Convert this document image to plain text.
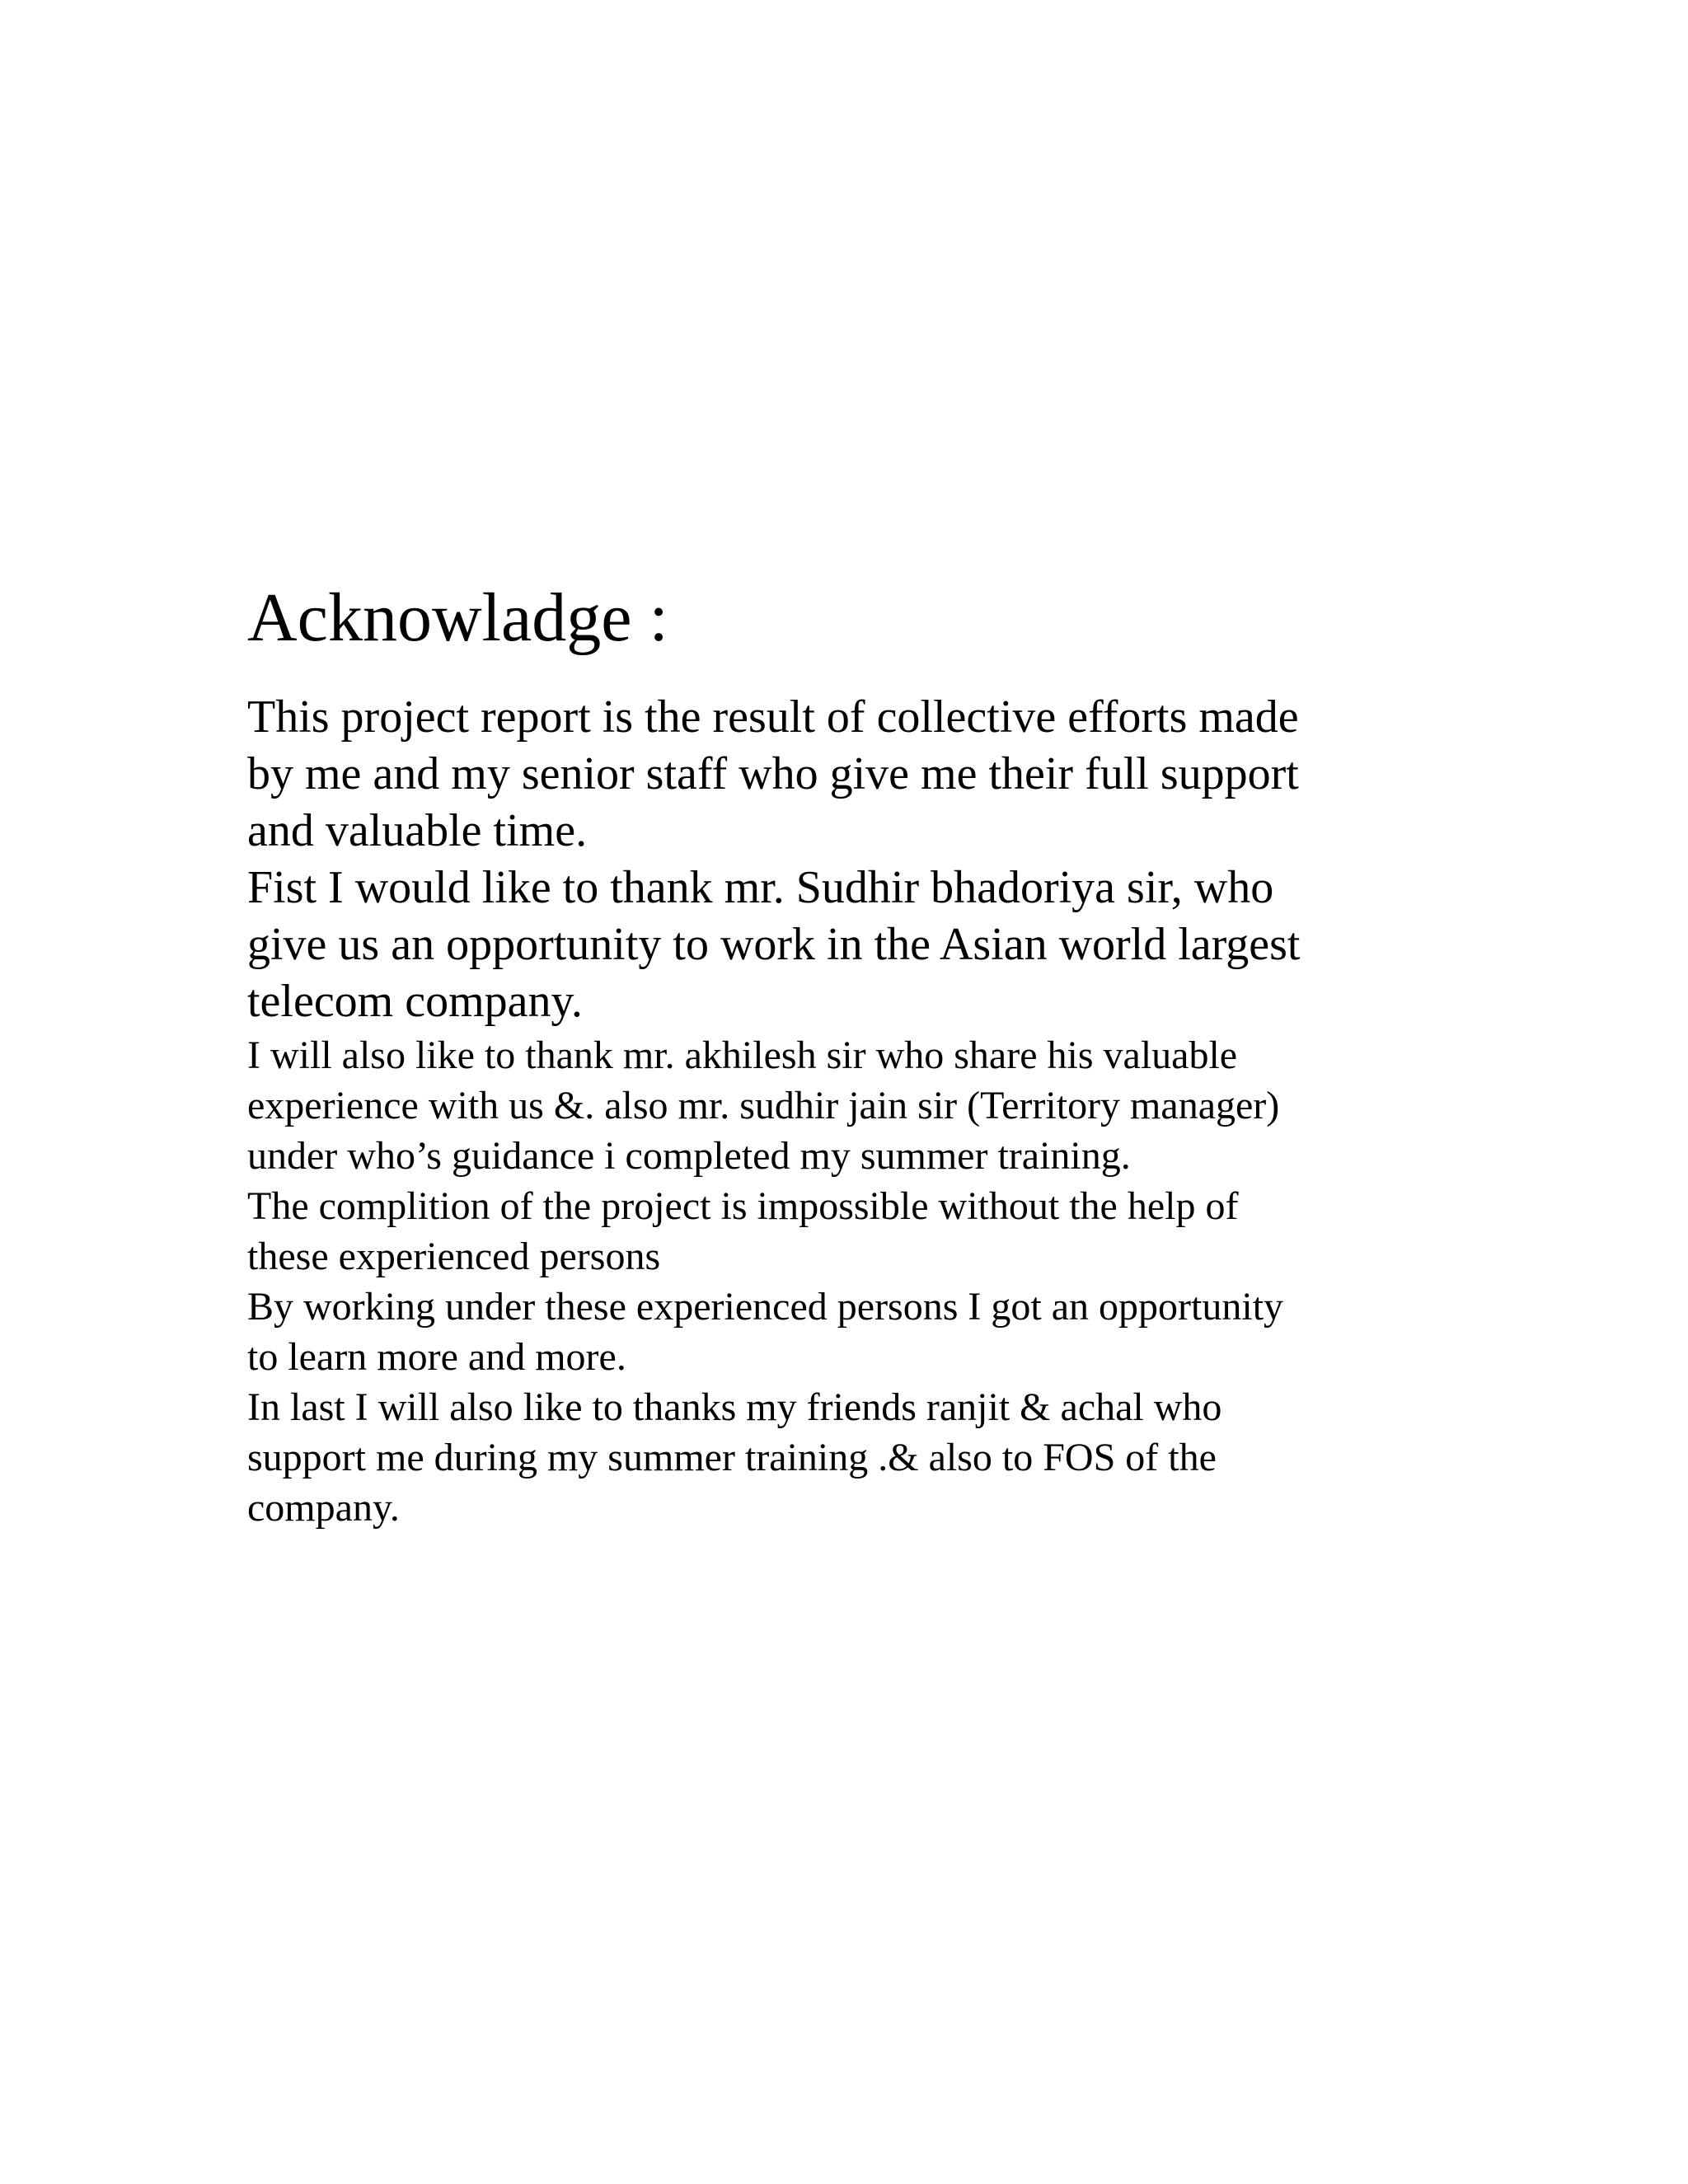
Acknowladge :

This project report is the result of collective efforts made

by me and my senior staff who give me their full support

and valuable time.

Fist I would like to thank mr. Sudhir bhadoriya sir, who

give us an opportunity to work in the Asian world largest

telecom company.

I will also like to thank mr. akhilesh sir who share his valuable

experience with us &. also mr. sudhir jain sir (Territory manager)

under who’s guidance i completed my summer training.

The complition of the project is impossible without the help of

these experienced persons

By working under these experienced persons I got an opportunity

to learn more and more.

In last I will also like to thanks my friends ranjit & achal who

support me during my summer training .& also to FOS of the

company.
